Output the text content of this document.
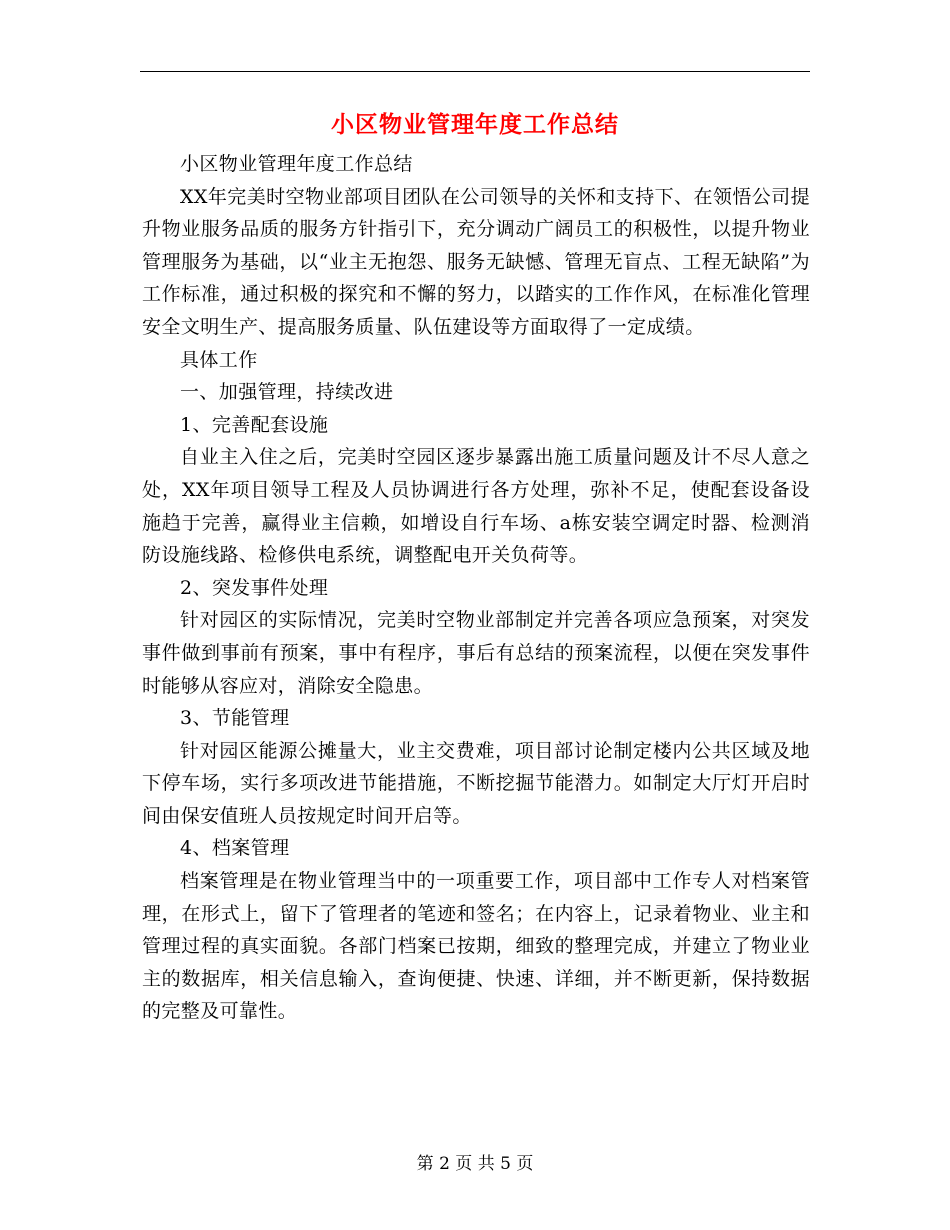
小区物业管理年度工作总结

小区物业管理年度工作总结

XX年完美时空物业部项目团队在公司领导的关怀和支持下、在领悟公司提升物业服务品质的服务方针指引下，充分调动广阔员工的积极性，以提升物业管理服务为基础，以“业主无抱怨、服务无缺憾、管理无盲点、工程无缺陷”为工作标准，通过积极的探究和不懈的努力，以踏实的工作作风，在标准化管理安全文明生产、提高服务质量、队伍建设等方面取得了一定成绩。

具体工作

一、加强管理，持续改进

1、完善配套设施

自业主入住之后，完美时空园区逐步暴露出施工质量问题及计不尽人意之处，XX年项目领导工程及人员协调进行各方处理，弥补不足，使配套设备设施趋于完善，赢得业主信赖，如增设自行车场、a栋安装空调定时器、检测消防设施线路、检修供电系统，调整配电开关负荷等。

2、突发事件处理

针对园区的实际情况，完美时空物业部制定并完善各项应急预案，对突发事件做到事前有预案，事中有程序，事后有总结的预案流程，以便在突发事件时能够从容应对，消除安全隐患。

3、节能管理

针对园区能源公摊量大，业主交费难，项目部讨论制定楼内公共区域及地下停车场，实行多项改进节能措施，不断挖掘节能潜力。如制定大厅灯开启时间由保安值班人员按规定时间开启等。

4、档案管理

档案管理是在物业管理当中的一项重要工作，项目部中工作专人对档案管理，在形式上，留下了管理者的笔迹和签名；在内容上，记录着物业、业主和管理过程的真实面貌。各部门档案已按期，细致的整理完成，并建立了物业业主的数据库，相关信息输入，查询便捷、快速、详细，并不断更新，保持数据的完整及可靠性。

第 2 页 共 5 页
